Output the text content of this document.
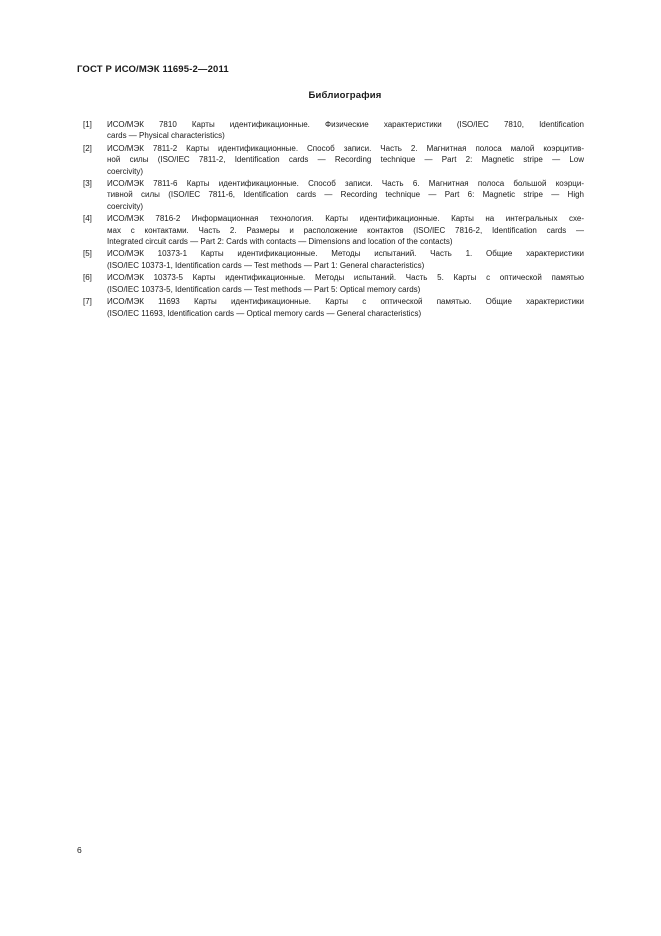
ГОСТ Р ИСО/МЭК 11695-2—2011
Библиография
[1]	ИСО/МЭК 7810 Карты идентификационные. Физические характеристики (ISO/IEC 7810, Identification
cards — Physical characteristics)
[2]	ИСО/МЭК 7811-2 Карты идентификационные. Способ записи. Часть 2. Магнитная полоса малой коэрцитив-
ной силы (ISO/IEC 7811-2, Identification cards — Recording technique — Part 2: Magnetic stripe — Low
coercivity)
[3]	ИСО/МЭК 7811-6 Карты идентификационные. Способ записи. Часть 6. Магнитная полоса большой коэрци-
тивной силы (ISO/IEC 7811-6, Identification cards — Recording technique — Part 6: Magnetic stripe — High
coercivity)
[4]	ИСО/МЭК 7816-2 Информационная технология. Карты идентификационные. Карты на интегральных схе-
мах с контактами. Часть 2. Размеры и расположение контактов (ISO/IEC 7816-2, Identification cards —
Integrated circuit cards — Part 2: Cards with contacts — Dimensions and location of the contacts)
[5]	ИСО/МЭК 10373-1 Карты идентификационные. Методы испытаний. Часть 1. Общие характеристики
(ISO/IEC 10373-1, Identification cards — Test methods — Part 1: General characteristics)
[6]	ИСО/МЭК 10373-5 Карты идентификационные. Методы испытаний. Часть 5. Карты с оптической памятью
(ISO/IEC 10373-5, Identification cards — Test methods — Part 5: Optical memory cards)
[7]	ИСО/МЭК 11693 Карты идентификационные. Карты с оптической памятью. Общие характеристики
(ISO/IEC 11693, Identification cards — Optical memory cards — General characteristics)
6
